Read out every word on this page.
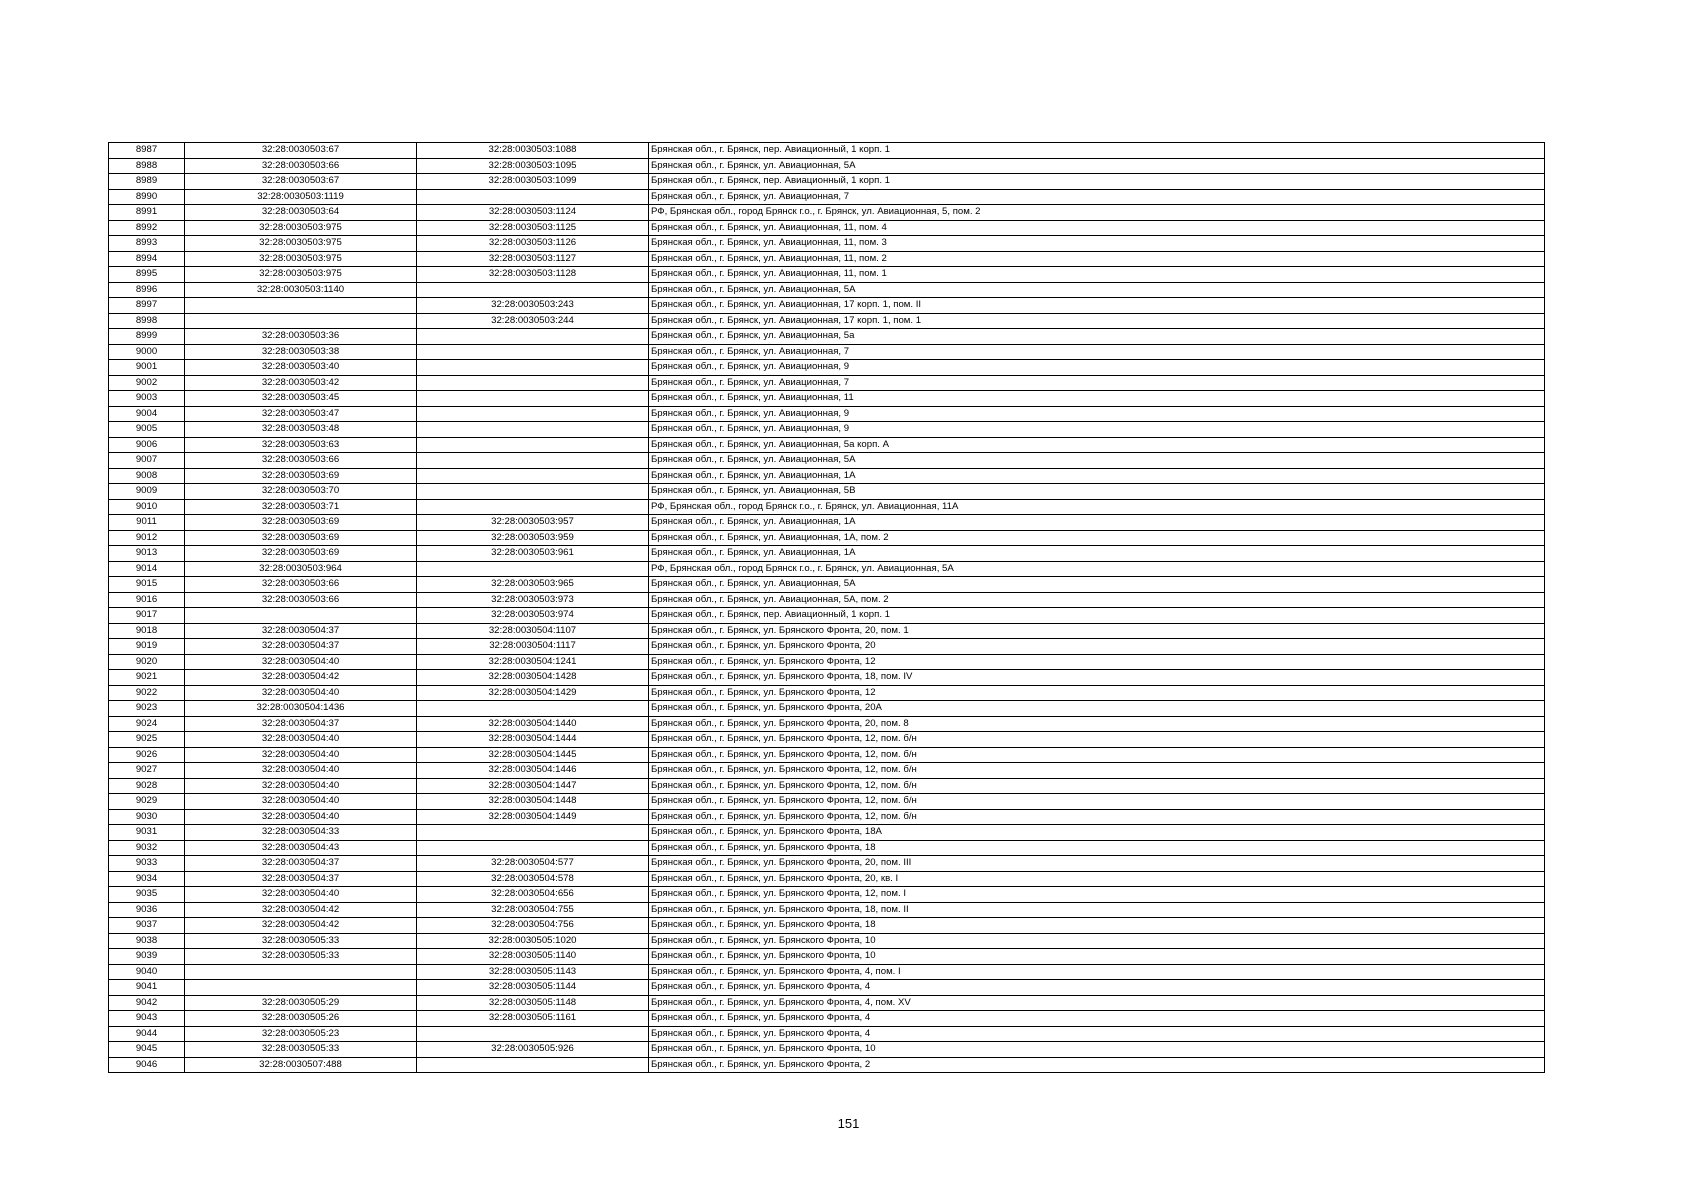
8987	32:28:0030503:67	32:28:0030503:1088	Брянская обл., г. Брянск, пер. Авиационный, 1 корп. 1
8988	32:28:0030503:66	32:28:0030503:1095	Брянская обл., г. Брянск, ул. Авиационная, 5А
8989	32:28:0030503:67	32:28:0030503:1099	Брянская обл., г. Брянск, пер. Авиационный, 1 корп. 1
8990	32:28:0030503:1119		Брянская обл., г. Брянск, ул. Авиационная, 7
8991	32:28:0030503:64	32:28:0030503:1124	РФ, Брянская обл., город Брянск г.о., г. Брянск, ул. Авиационная, 5, пом. 2
8992	32:28:0030503:975	32:28:0030503:1125	Брянская обл., г. Брянск, ул. Авиационная, 11, пом. 4
8993	32:28:0030503:975	32:28:0030503:1126	Брянская обл., г. Брянск, ул. Авиационная, 11, пом. 3
8994	32:28:0030503:975	32:28:0030503:1127	Брянская обл., г. Брянск, ул. Авиационная, 11, пом. 2
8995	32:28:0030503:975	32:28:0030503:1128	Брянская обл., г. Брянск, ул. Авиационная, 11, пом. 1
8996	32:28:0030503:1140		Брянская обл., г. Брянск, ул. Авиационная, 5А
8997		32:28:0030503:243	Брянская обл., г. Брянск, ул. Авиационная, 17 корп. 1, пом. II
8998		32:28:0030503:244	Брянская обл., г. Брянск, ул. Авиационная, 17 корп. 1, пом. 1
8999	32:28:0030503:36		Брянская обл., г. Брянск, ул. Авиационная, 5а
9000	32:28:0030503:38		Брянская обл., г. Брянск, ул. Авиационная, 7
9001	32:28:0030503:40		Брянская обл., г. Брянск, ул. Авиационная, 9
9002	32:28:0030503:42		Брянская обл., г. Брянск, ул. Авиационная, 7
9003	32:28:0030503:45		Брянская обл., г. Брянск, ул. Авиационная, 11
9004	32:28:0030503:47		Брянская обл., г. Брянск, ул. Авиационная, 9
9005	32:28:0030503:48		Брянская обл., г. Брянск, ул. Авиационная, 9
9006	32:28:0030503:63		Брянская обл., г. Брянск, ул. Авиационная, 5а корп. А
9007	32:28:0030503:66		Брянская обл., г. Брянск, ул. Авиационная, 5А
9008	32:28:0030503:69		Брянская обл., г. Брянск, ул. Авиационная, 1А
9009	32:28:0030503:70		Брянская обл., г. Брянск, ул. Авиационная, 5В
9010	32:28:0030503:71		РФ, Брянская обл., город Брянск г.о., г. Брянск, ул. Авиационная, 11А
9011	32:28:0030503:69	32:28:0030503:957	Брянская обл., г. Брянск, ул. Авиационная, 1А
9012	32:28:0030503:69	32:28:0030503:959	Брянская обл., г. Брянск, ул. Авиационная, 1А, пом. 2
9013	32:28:0030503:69	32:28:0030503:961	Брянская обл., г. Брянск, ул. Авиационная, 1А
9014	32:28:0030503:964		РФ, Брянская обл., город Брянск г.о., г. Брянск, ул. Авиационная, 5А
9015	32:28:0030503:66	32:28:0030503:965	Брянская обл., г. Брянск, ул. Авиационная, 5А
9016	32:28:0030503:66	32:28:0030503:973	Брянская обл., г. Брянск, ул. Авиационная, 5А, пом. 2
9017		32:28:0030503:974	Брянская обл., г. Брянск, пер. Авиационный, 1 корп. 1
9018	32:28:0030504:37	32:28:0030504:1107	Брянская обл., г. Брянск, ул. Брянского Фронта, 20, пом. 1
9019	32:28:0030504:37	32:28:0030504:1117	Брянская обл., г. Брянск, ул. Брянского Фронта, 20
9020	32:28:0030504:40	32:28:0030504:1241	Брянская обл., г. Брянск, ул. Брянского Фронта, 12
9021	32:28:0030504:42	32:28:0030504:1428	Брянская обл., г. Брянск, ул. Брянского Фронта, 18, пом. IV
9022	32:28:0030504:40	32:28:0030504:1429	Брянская обл., г. Брянск, ул. Брянского Фронта, 12
9023	32:28:0030504:1436		Брянская обл., г. Брянск, ул. Брянского Фронта, 20А
9024	32:28:0030504:37	32:28:0030504:1440	Брянская обл., г. Брянск, ул. Брянского Фронта, 20, пом. 8
9025	32:28:0030504:40	32:28:0030504:1444	Брянская обл., г. Брянск, ул. Брянского Фронта, 12, пом. б/н
9026	32:28:0030504:40	32:28:0030504:1445	Брянская обл., г. Брянск, ул. Брянского Фронта, 12, пом. б/н
9027	32:28:0030504:40	32:28:0030504:1446	Брянская обл., г. Брянск, ул. Брянского Фронта, 12, пом. б/н
9028	32:28:0030504:40	32:28:0030504:1447	Брянская обл., г. Брянск, ул. Брянского Фронта, 12, пом. б/н
9029	32:28:0030504:40	32:28:0030504:1448	Брянская обл., г. Брянск, ул. Брянского Фронта, 12, пом. б/н
9030	32:28:0030504:40	32:28:0030504:1449	Брянская обл., г. Брянск, ул. Брянского Фронта, 12, пом. б/н
9031	32:28:0030504:33		Брянская обл., г. Брянск, ул. Брянского Фронта, 18А
9032	32:28:0030504:43		Брянская обл., г. Брянск, ул. Брянского Фронта, 18
9033	32:28:0030504:37	32:28:0030504:577	Брянская обл., г. Брянск, ул. Брянского Фронта, 20, пом. III
9034	32:28:0030504:37	32:28:0030504:578	Брянская обл., г. Брянск, ул. Брянского Фронта, 20, кв. I
9035	32:28:0030504:40	32:28:0030504:656	Брянская обл., г. Брянск, ул. Брянского Фронта, 12, пом. I
9036	32:28:0030504:42	32:28:0030504:755	Брянская обл., г. Брянск, ул. Брянского Фронта, 18, пом. II
9037	32:28:0030504:42	32:28:0030504:756	Брянская обл., г. Брянск, ул. Брянского Фронта, 18
9038	32:28:0030505:33	32:28:0030505:1020	Брянская обл., г. Брянск, ул. Брянского Фронта, 10
9039	32:28:0030505:33	32:28:0030505:1140	Брянская обл., г. Брянск, ул. Брянского Фронта, 10
9040		32:28:0030505:1143	Брянская обл., г. Брянск, ул. Брянского Фронта, 4, пом. I
9041		32:28:0030505:1144	Брянская обл., г. Брянск, ул. Брянского Фронта, 4
9042	32:28:0030505:29	32:28:0030505:1148	Брянская обл., г. Брянск, ул. Брянского Фронта, 4, пом. XV
9043	32:28:0030505:26	32:28:0030505:1161	Брянская обл., г. Брянск, ул. Брянского Фронта, 4
9044	32:28:0030505:23		Брянская обл., г. Брянск, ул. Брянского Фронта, 4
9045	32:28:0030505:33	32:28:0030505:926	Брянская обл., г. Брянск, ул. Брянского Фронта, 10
9046	32:28:0030507:488		Брянская обл., г. Брянск, ул. Брянского Фронта, 2
151
